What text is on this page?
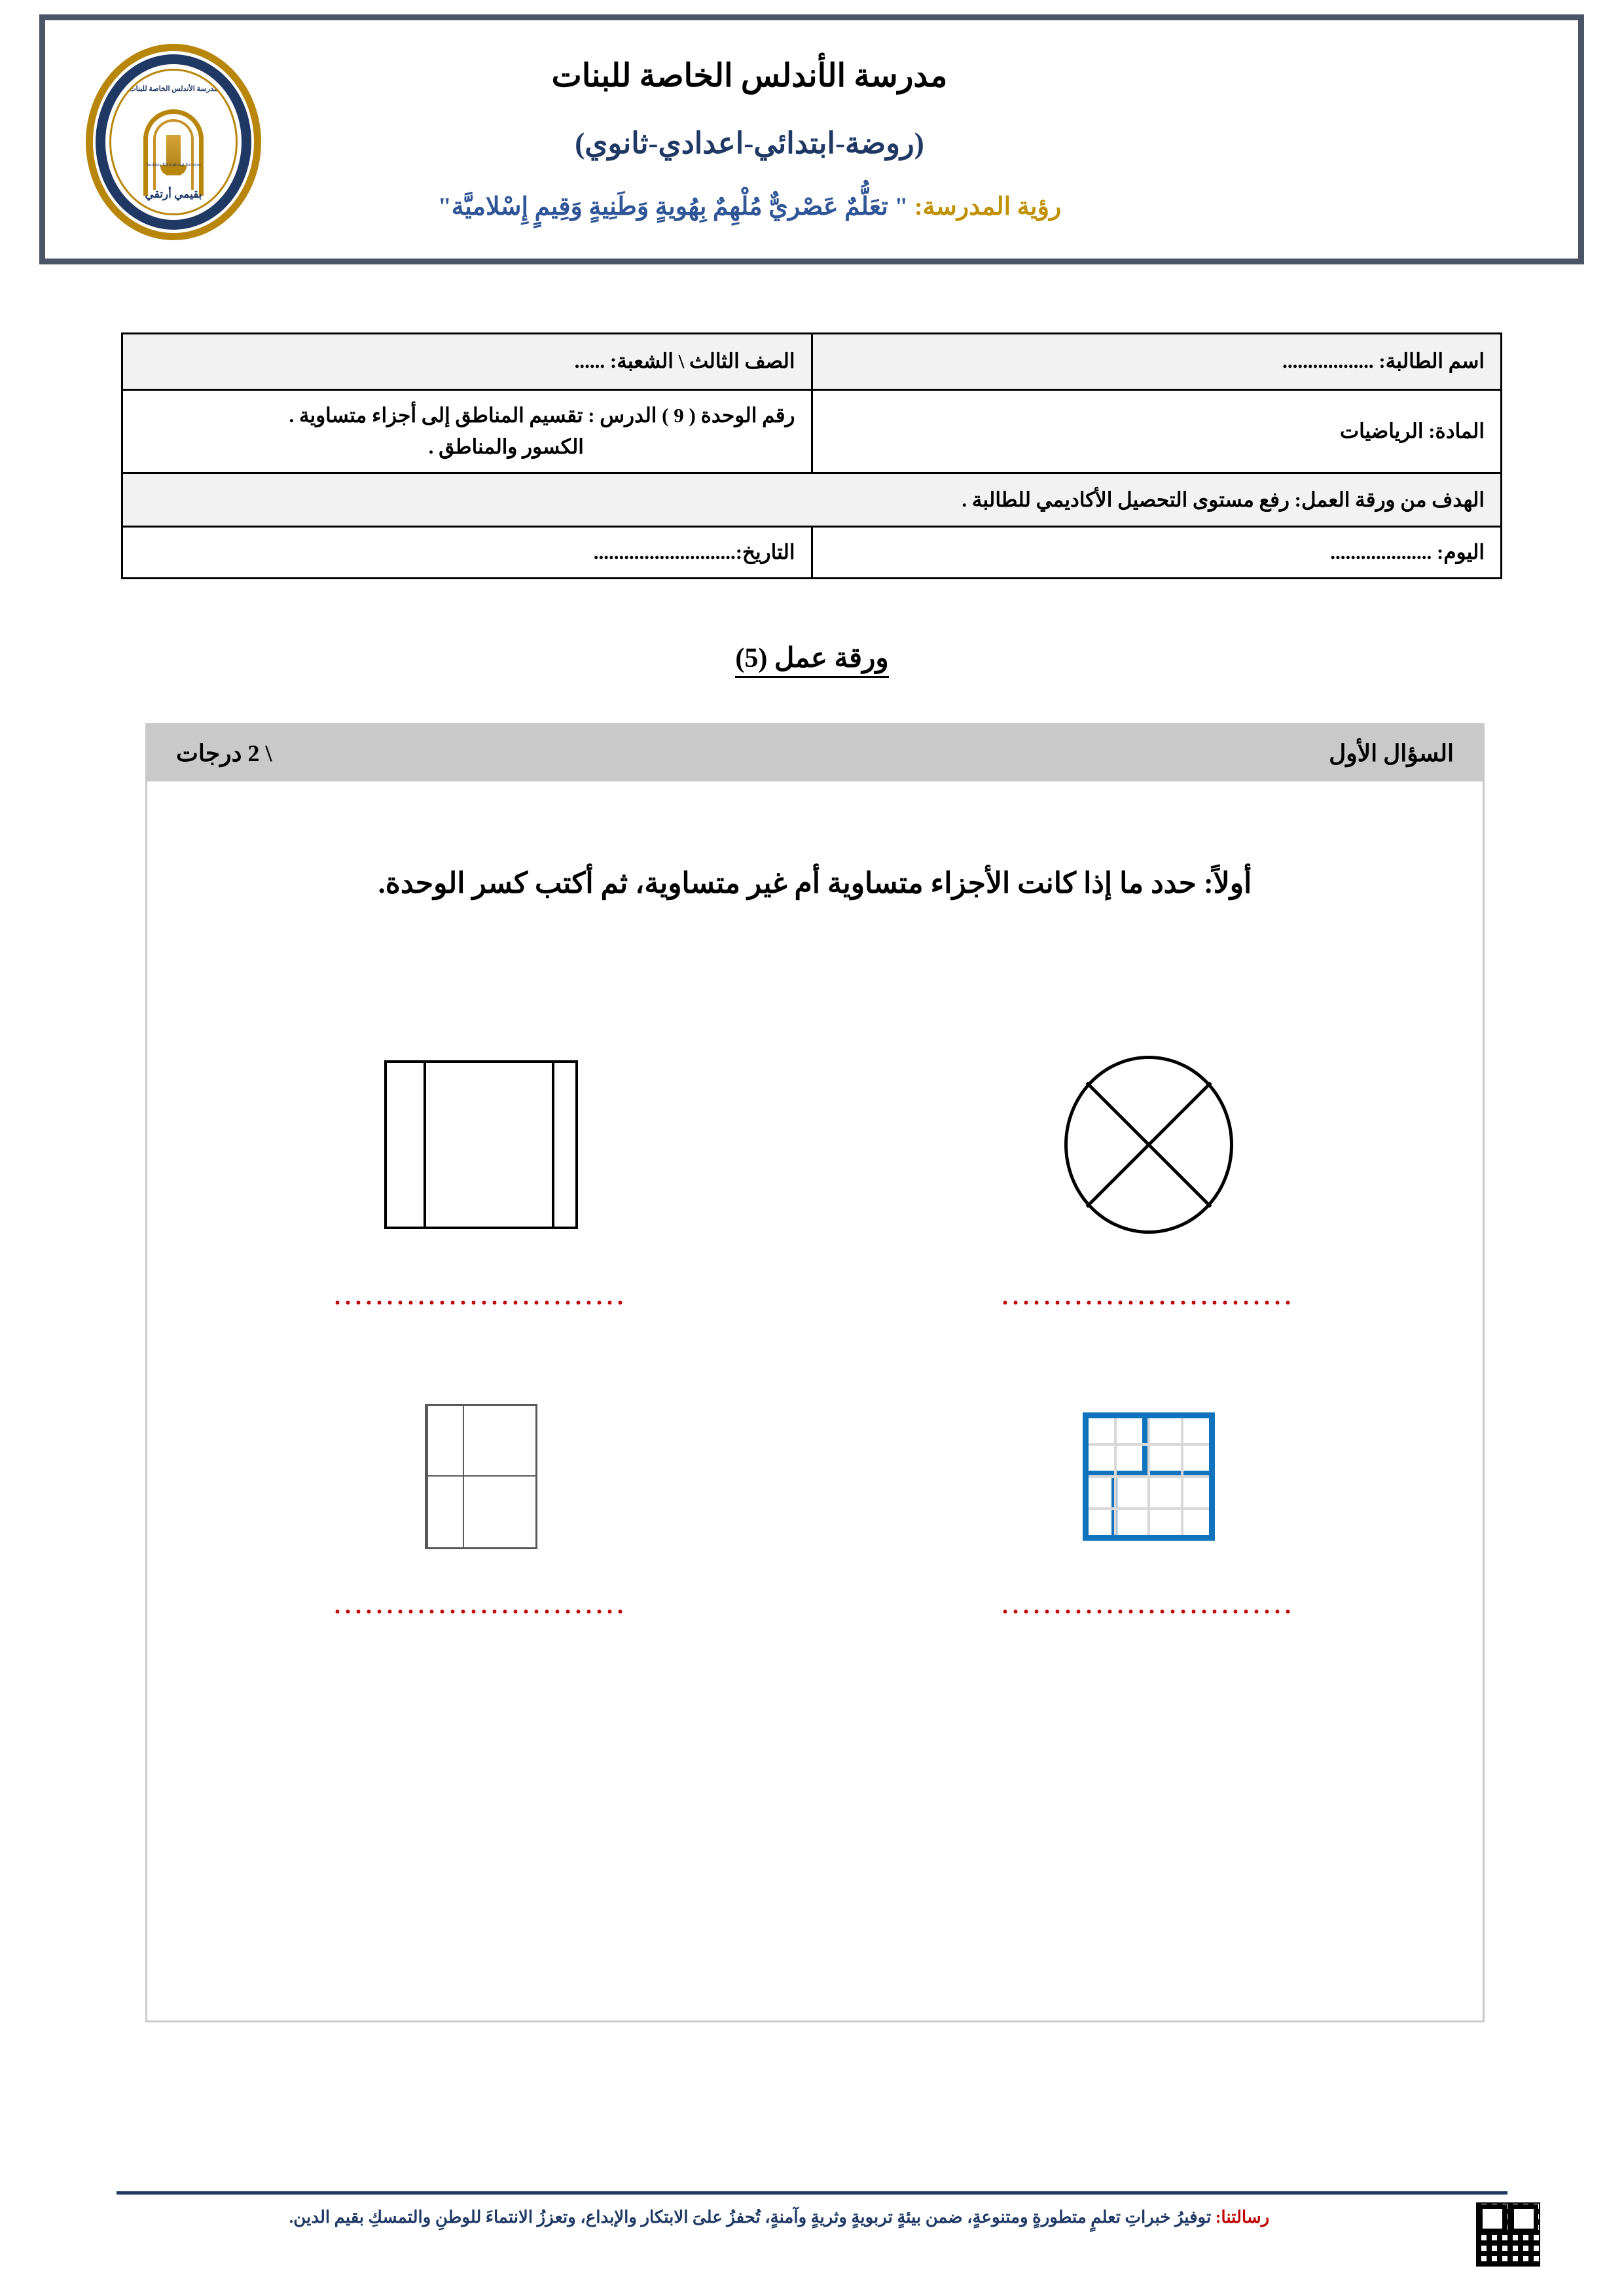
مدرسة الأندلس الخاصة للبنات
(روضة-ابتدائي-اعدادي-ثانوي)
رؤية المدرسة: " تعَلُّمٌ عَصْريٌّ مُلْهِمٌ بِهُويةٍ وَطَنِيةٍ وَقِيمٍ إِسْلاميَّة"
مدرسة الأندلس الخاصة للبنات
Andalus Educational Services
بقيمي أرتقي
اسم الطالبة: ..................	الصف الثالث \ الشعبة: ......
المادة: الرياضيات	رقم الوحدة ( 9 ) الدرس : تقسيم المناطق إلى أجزاء متساوية .
الكسور والمناطق .

الهدف من ورقة العمل: رفع مستوى التحصيل الأكاديمي للطالبة .	
اليوم: ....................	التاريخ:............................
ورقة عمل (5)
السؤال الأول
\ 2 درجات
أولاً: حدد ما إذا كانت الأجزاء متساوية أم غير متساوية، ثم أكتب كسر الوحدة.
............................
............................
............................
............................
رسالتنا: توفيرُ خبراتِ تعلمٍ متطورةٍ ومتنوعةٍ، ضمن بيئةٍ تربويةٍ وثريةٍ وآمنةٍ، تُحفزُ علىَ الابتكار والإبداع، وتعززُ الانتماءَ للوطنِ والتمسكِ بقيم الدين.
